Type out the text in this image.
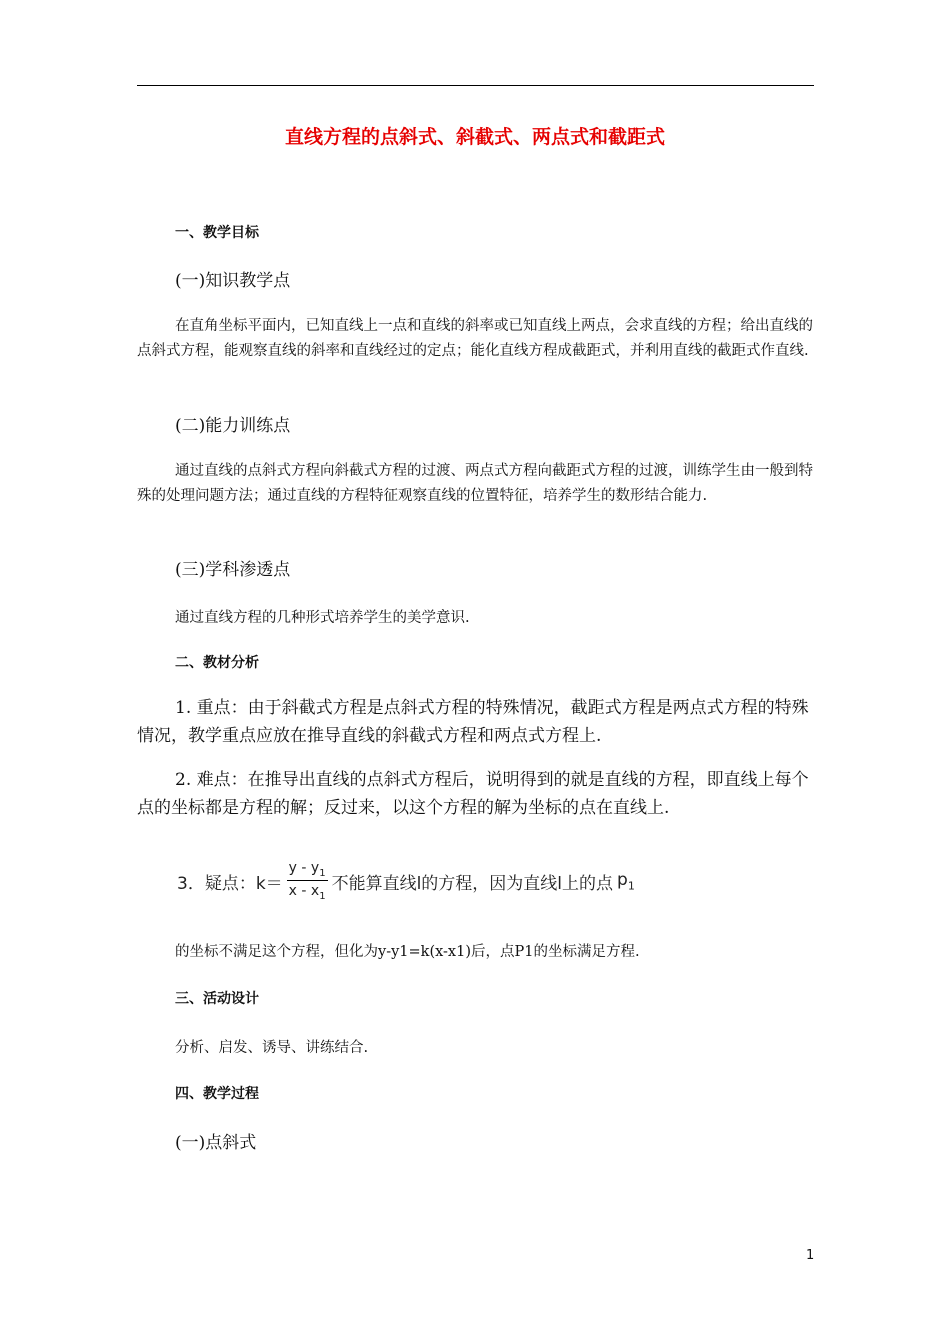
直线方程的点斜式、斜截式、两点式和截距式
一、教学目标
(一)知识教学点
在直角坐标平面内，已知直线上一点和直线的斜率或已知直线上两点，会求直线的方程；给出直线的点斜式方程，能观察直线的斜率和直线经过的定点；能化直线方程成截距式，并利用直线的截距式作直线.
(二)能力训练点
通过直线的点斜式方程向斜截式方程的过渡、两点式方程向截距式方程的过渡，训练学生由一般到特殊的处理问题方法；通过直线的方程特征观察直线的位置特征，培养学生的数形结合能力.
(三)学科渗透点
通过直线方程的几种形式培养学生的美学意识.
二、教材分析
1. 重点：由于斜截式方程是点斜式方程的特殊情况，截距式方程是两点式方程的特殊情况，教学重点应放在推导直线的斜截式方程和两点式方程上.
2. 难点：在推导出直线的点斜式方程后，说明得到的就是直线的方程，即直线上每个点的坐标都是方程的解；反过来，以这个方程的解为坐标的点在直线上.
3．疑点：$k= \frac{y - y_1}{x - x_1}$ 不能算直线l的方程，因为直线l上的点 $p_1$
的坐标不满足这个方程，但化为y-y1=k(x-x1)后，点P1的坐标满足方程.
三、活动设计
分析、启发、诱导、讲练结合.
四、教学过程
(一)点斜式
1
